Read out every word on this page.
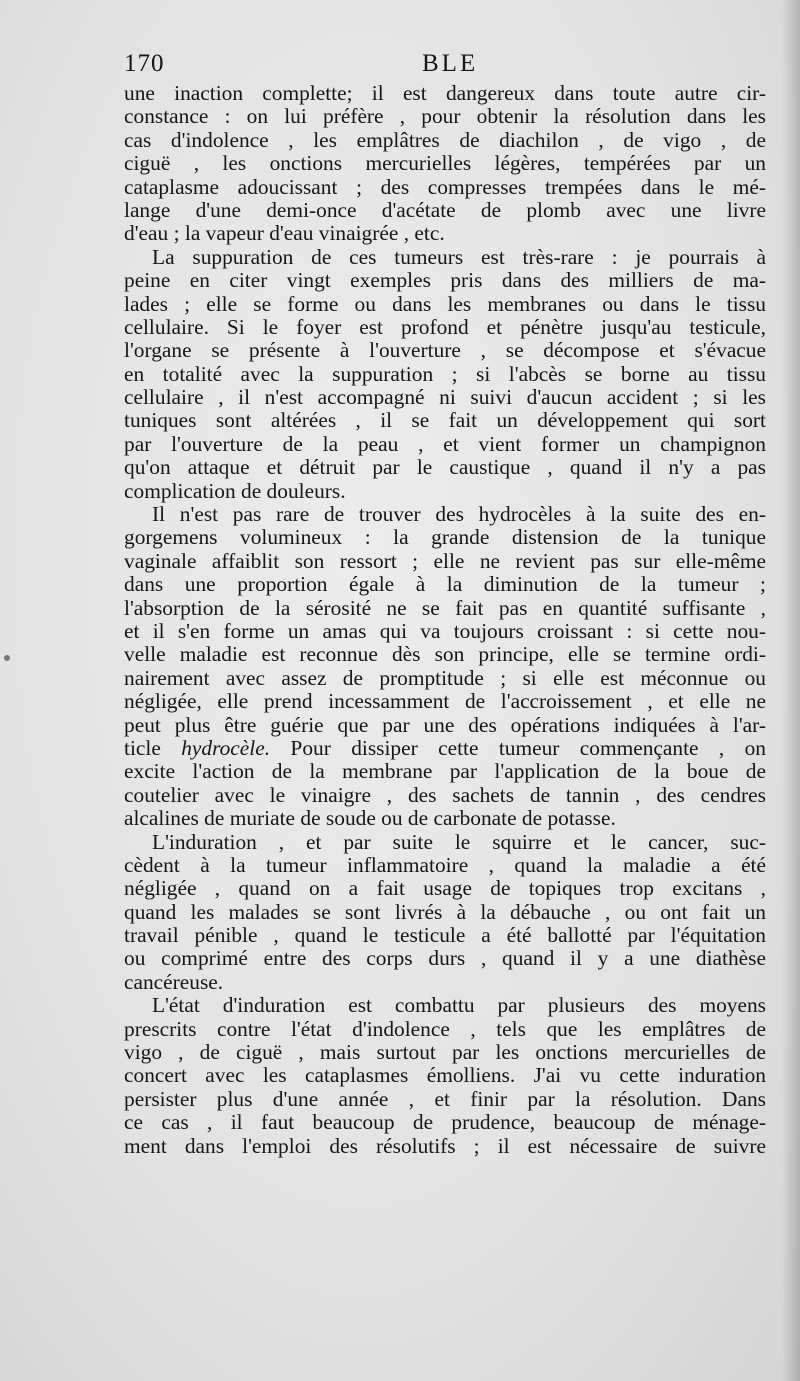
170	BLE
une inaction complette; il est dangereux dans toute autre cir-
constance : on lui préfère , pour obtenir la résolution dans les
cas d'indolence , les emplâtres de diachilon , de vigo , de
ciguë , les onctions mercurielles légères, tempérées par un
cataplasme adoucissant ; des compresses trempées dans le mé-
lange d'une demi-once d'acétate de plomb avec une livre
d'eau ; la vapeur d'eau vinaigrée , etc.
La suppuration de ces tumeurs est très-rare : je pourrais à
peine en citer vingt exemples pris dans des milliers de ma-
lades ; elle se forme ou dans les membranes ou dans le tissu
cellulaire. Si le foyer est profond et pénètre jusqu'au testicule,
l'organe se présente à l'ouverture , se décompose et s'évacue
en totalité avec la suppuration ; si l'abcès se borne au tissu
cellulaire , il n'est accompagné ni suivi d'aucun accident ; si les
tuniques sont altérées , il se fait un développement qui sort
par l'ouverture de la peau , et vient former un champignon
qu'on attaque et détruit par le caustique , quand il n'y a pas
complication de douleurs.
Il n'est pas rare de trouver des hydrocèles à la suite des en-
gorgemens volumineux : la grande distension de la tunique
vaginale affaiblit son ressort ; elle ne revient pas sur elle-même
dans une proportion égale à la diminution de la tumeur ;
l'absorption de la sérosité ne se fait pas en quantité suffisante ,
et il s'en forme un amas qui va toujours croissant : si cette nou-
velle maladie est reconnue dès son principe, elle se termine ordi-
nairement avec assez de promptitude ; si elle est méconnue ou
négligée, elle prend incessamment de l'accroissement , et elle ne
peut plus être guérie que par une des opérations indiquées à l'ar-
ticle hydrocèle. Pour dissiper cette tumeur commençante , on
excite l'action de la membrane par l'application de la boue de
coutelier avec le vinaigre , des sachets de tannin , des cendres
alcalines de muriate de soude ou de carbonate de potasse.
L'induration , et par suite le squirre et le cancer, suc-
cèdent à la tumeur inflammatoire , quand la maladie a été
négligée , quand on a fait usage de topiques trop excitans ,
quand les malades se sont livrés à la débauche , ou ont fait un
travail pénible , quand le testicule a été ballotté par l'équitation
ou comprimé entre des corps durs , quand il y a une diathèse
cancéreuse.
L'état d'induration est combattu par plusieurs des moyens
prescrits contre l'état d'indolence , tels que les emplâtres de
vigo , de ciguë , mais surtout par les onctions mercurielles de
concert avec les cataplasmes émolliens. J'ai vu cette induration
persister plus d'une année , et finir par la résolution. Dans
ce cas , il faut beaucoup de prudence, beaucoup de ménage-
ment dans l'emploi des résolutifs ; il est nécessaire de suivre
